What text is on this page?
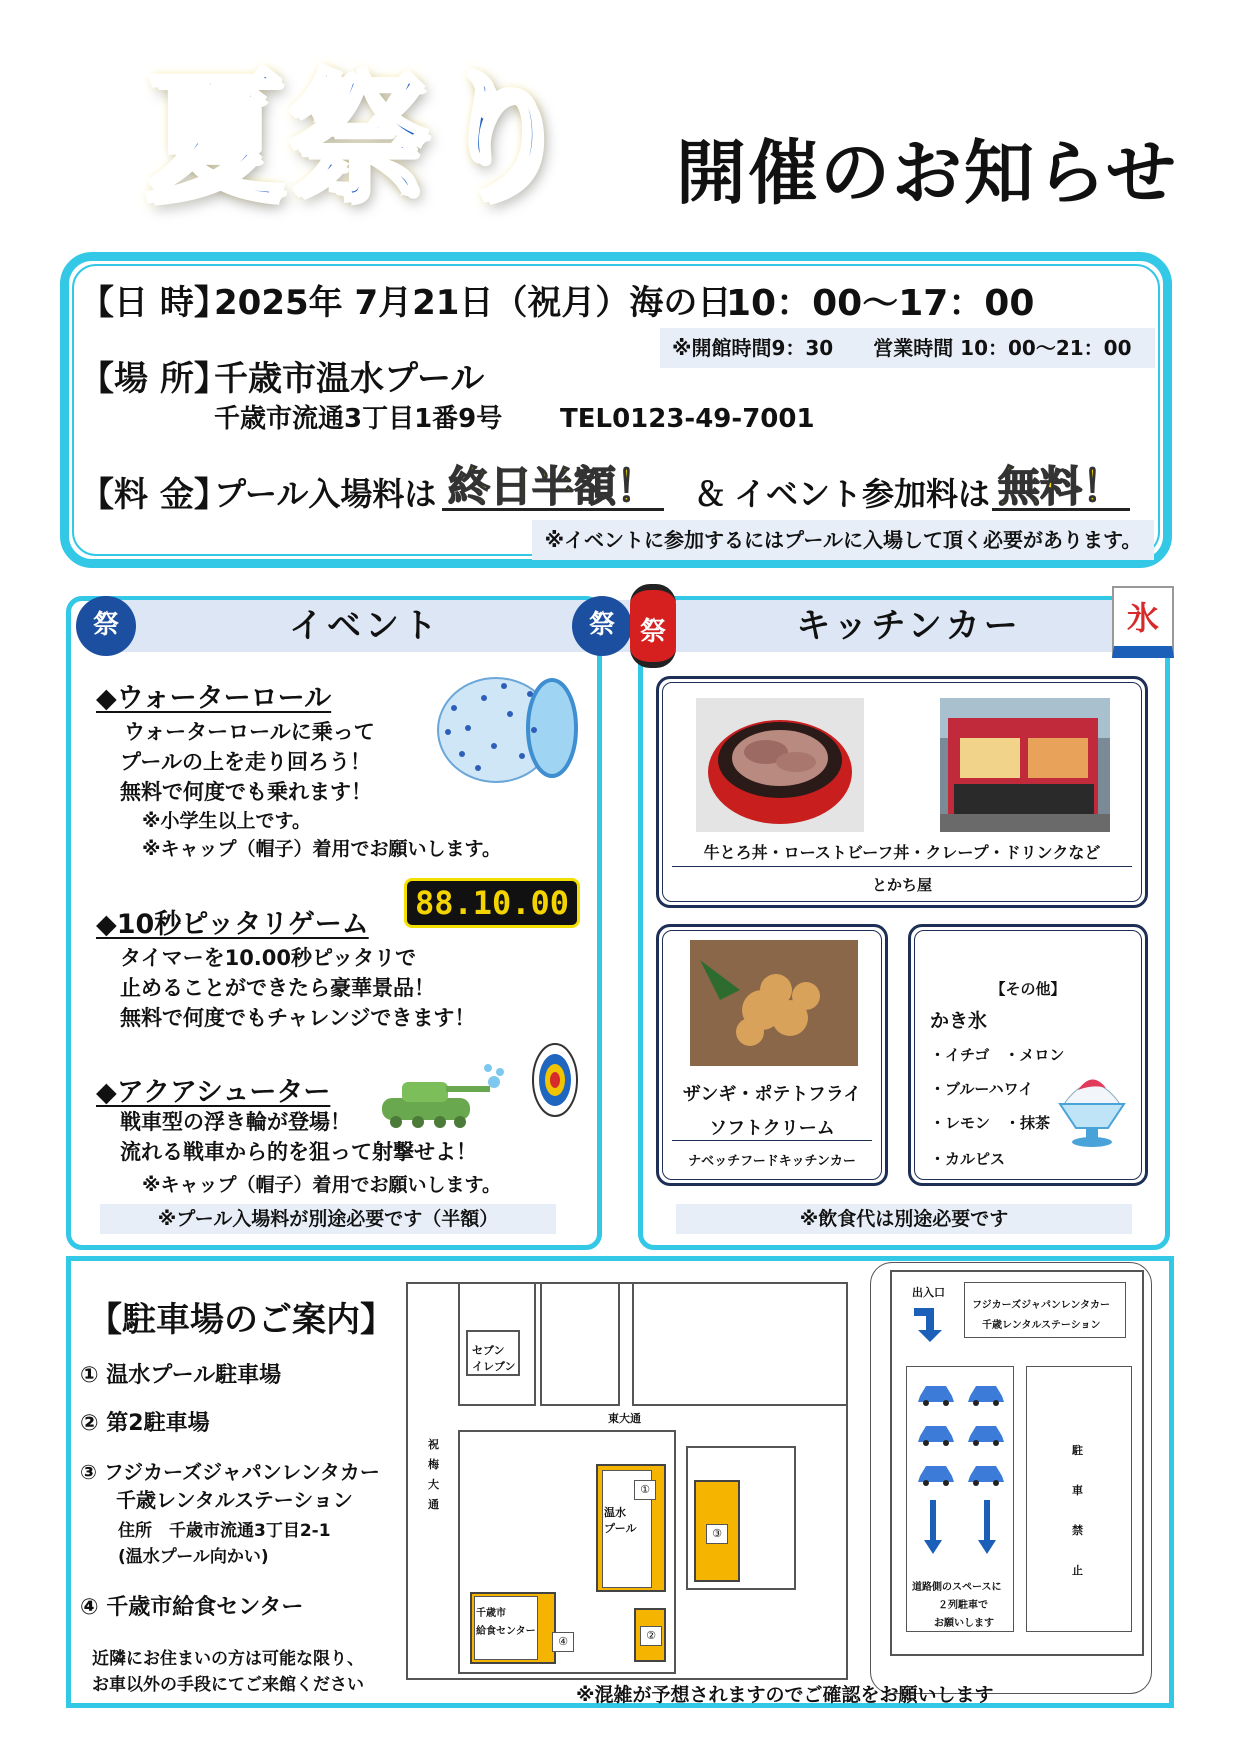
夏祭り 開催のお知らせ
【日 時】
2025年 7月21日（祝月）海の日
10：00～17：00
※開館時間9：30　　営業時間 10：00～21：00
【場 所】
千歳市温水プール
千歳市流通3丁目1番9号 TEL0123-49-7001
【料 金】
プール入場料は 終日半額！ ＆ イベント参加料は 無料！
※イベントに参加するにはプールに入場して頂く必要があります。
イベント
祭	祭
◆ウォーターロール
ウォーターロールに乗って
プールの上を走り回ろう！
無料で何度でも乗れます！
※小学生以上です。
※キャップ（帽子）着用でお願いします。
◆10秒ピッタリゲーム
88.10.00
タイマーを10.00秒ピッタリで
止めることができたら豪華景品！
無料で何度でもチャレンジできます！
◆アクアシューター
戦車型の浮き輪が登場！
流れる戦車から的を狙って射撃せよ！
※キャップ（帽子）着用でお願いします。
※プール入場料が別途必要です（半額）
キッチンカー
祭	氷
牛とろ丼・ローストビーフ丼・クレープ・ドリンクなど
とかち屋
ザンギ・ポテトフライ
ソフトクリーム
ナベッチフードキッチンカー
【その他】
かき氷
・イチゴ　・メロン
・ブルーハワイ
・レモン　・抹茶
・カルピス
※飲食代は別途必要です
【駐車場のご案内】
① 温水プール駐車場
② 第2駐車場
③ フジカーズジャパンレンタカー
千歳レンタルステーション
住所　千歳市流通3丁目2-1
(温水プール向かい)
④ 千歳市給食センター
近隣にお住まいの方は可能な限り、
お車以外の手段にてご来館ください
セブン
イレブン
東大通
祝
梅
大
通
温水
プール
①
千歳市
給食センター
④	②
③
出入口
フジカーズジャパンレンタカー
千歳レンタルステーション
道路側のスペースに
２列駐車で
お願いします
駐
車
禁
止
※混雑が予想されますのでご確認をお願いします
